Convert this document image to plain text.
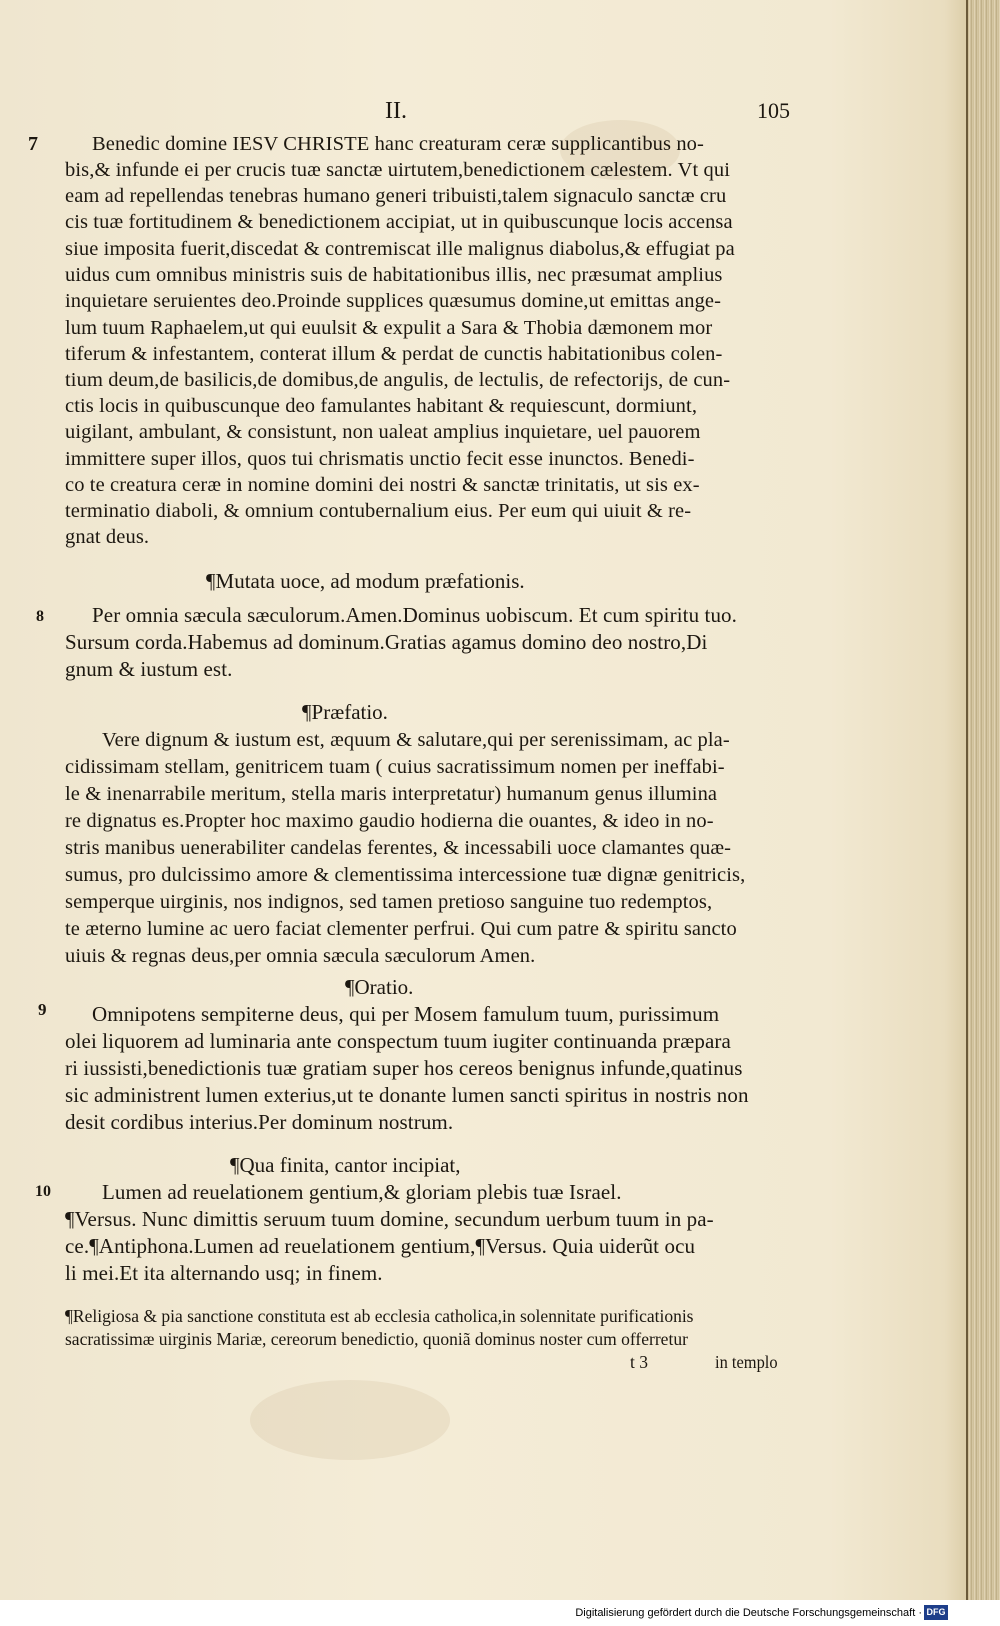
II.	105
7
8
9
10
Benedic domine IESV CHRISTE hanc creaturam ceræ supplicantibus no-
bis,& infunde ei per crucis tuæ sanctæ uirtutem,benedictionem cælestem. Vt qui
eam ad repellendas tenebras humano generi tribuisti,talem signaculo sanctæ cru
cis tuæ fortitudinem & benedictionem accipiat, ut in quibuscunque locis accensa
siue imposita fuerit,discedat & contremiscat ille malignus diabolus,& effugiat pa
uidus cum omnibus ministris suis de habitationibus illis, nec præsumat amplius
inquietare seruientes deo.Proinde supplices quæsumus domine,ut emittas ange-
lum tuum Raphaelem,ut qui euulsit & expulit a Sara & Thobia dæmonem mor
tiferum & infestantem, conterat illum & perdat de cunctis habitationibus colen-
tium deum,de basilicis,de domibus,de angulis, de lectulis, de refectorijs, de cun-
ctis locis in quibuscunque deo famulantes habitant & requiescunt, dormiunt,
uigilant, ambulant, & consistunt, non ualeat amplius inquietare, uel pauorem
immittere super illos, quos tui chrismatis unctio fecit esse inunctos. Benedi-
co te creatura ceræ in nomine domini dei nostri & sanctæ trinitatis, ut sis ex-
terminatio diaboli, & omnium contubernalium eius. Per eum qui uiuit & re-
gnat deus.
¶Mutata uoce, ad modum præfationis.
Per omnia sæcula sæculorum.Amen.Dominus uobiscum. Et cum spiritu tuo.
Sursum corda.Habemus ad dominum.Gratias agamus domino deo nostro,Di
gnum & iustum est.
¶Præfatio.
Vere dignum & iustum est, æquum & salutare,qui per serenissimam, ac pla-
cidissimam stellam, genitricem tuam ( cuius sacratissimum nomen per ineffabi-
le & inenarrabile meritum, stella maris interpretatur) humanum genus illumina
re dignatus es.Propter hoc maximo gaudio hodierna die ouantes, & ideo in no-
stris manibus uenerabiliter candelas ferentes, & incessabili uoce clamantes quæ-
sumus, pro dulcissimo amore & clementissima intercessione tuæ dignæ genitricis,
semperque uirginis, nos indignos, sed tamen pretioso sanguine tuo redemptos,
te æterno lumine ac uero faciat clementer perfrui. Qui cum patre & spiritu sancto
uiuis & regnas deus,per omnia sæcula sæculorum Amen.
¶Oratio.
Omnipotens sempiterne deus, qui per Mosem famulum tuum, purissimum
olei liquorem ad luminaria ante conspectum tuum iugiter continuanda præpara
ri iussisti,benedictionis tuæ gratiam super hos cereos benignus infunde,quatinus
sic administrent lumen exterius,ut te donante lumen sancti spiritus in nostris non
desit cordibus interius.Per dominum nostrum.
¶Qua finita, cantor incipiat,
Lumen ad reuelationem gentium,& gloriam plebis tuæ Israel.
¶Versus. Nunc dimittis seruum tuum domine, secundum uerbum tuum in pa-
ce.¶Antiphona.Lumen ad reuelationem gentium,¶Versus. Quia uiderũt ocu
li mei.Et ita alternando usq; in finem.
¶Religiosa & pia sanctione constituta est ab ecclesia catholica,in solennitate purificationis
sacratissimæ uirginis Mariæ, cereorum benedictio, quoniã dominus noster cum offerretur
t 3	in templo
Digitalisierung gefördert durch die Deutsche Forschungsgemeinschaft · DFG
